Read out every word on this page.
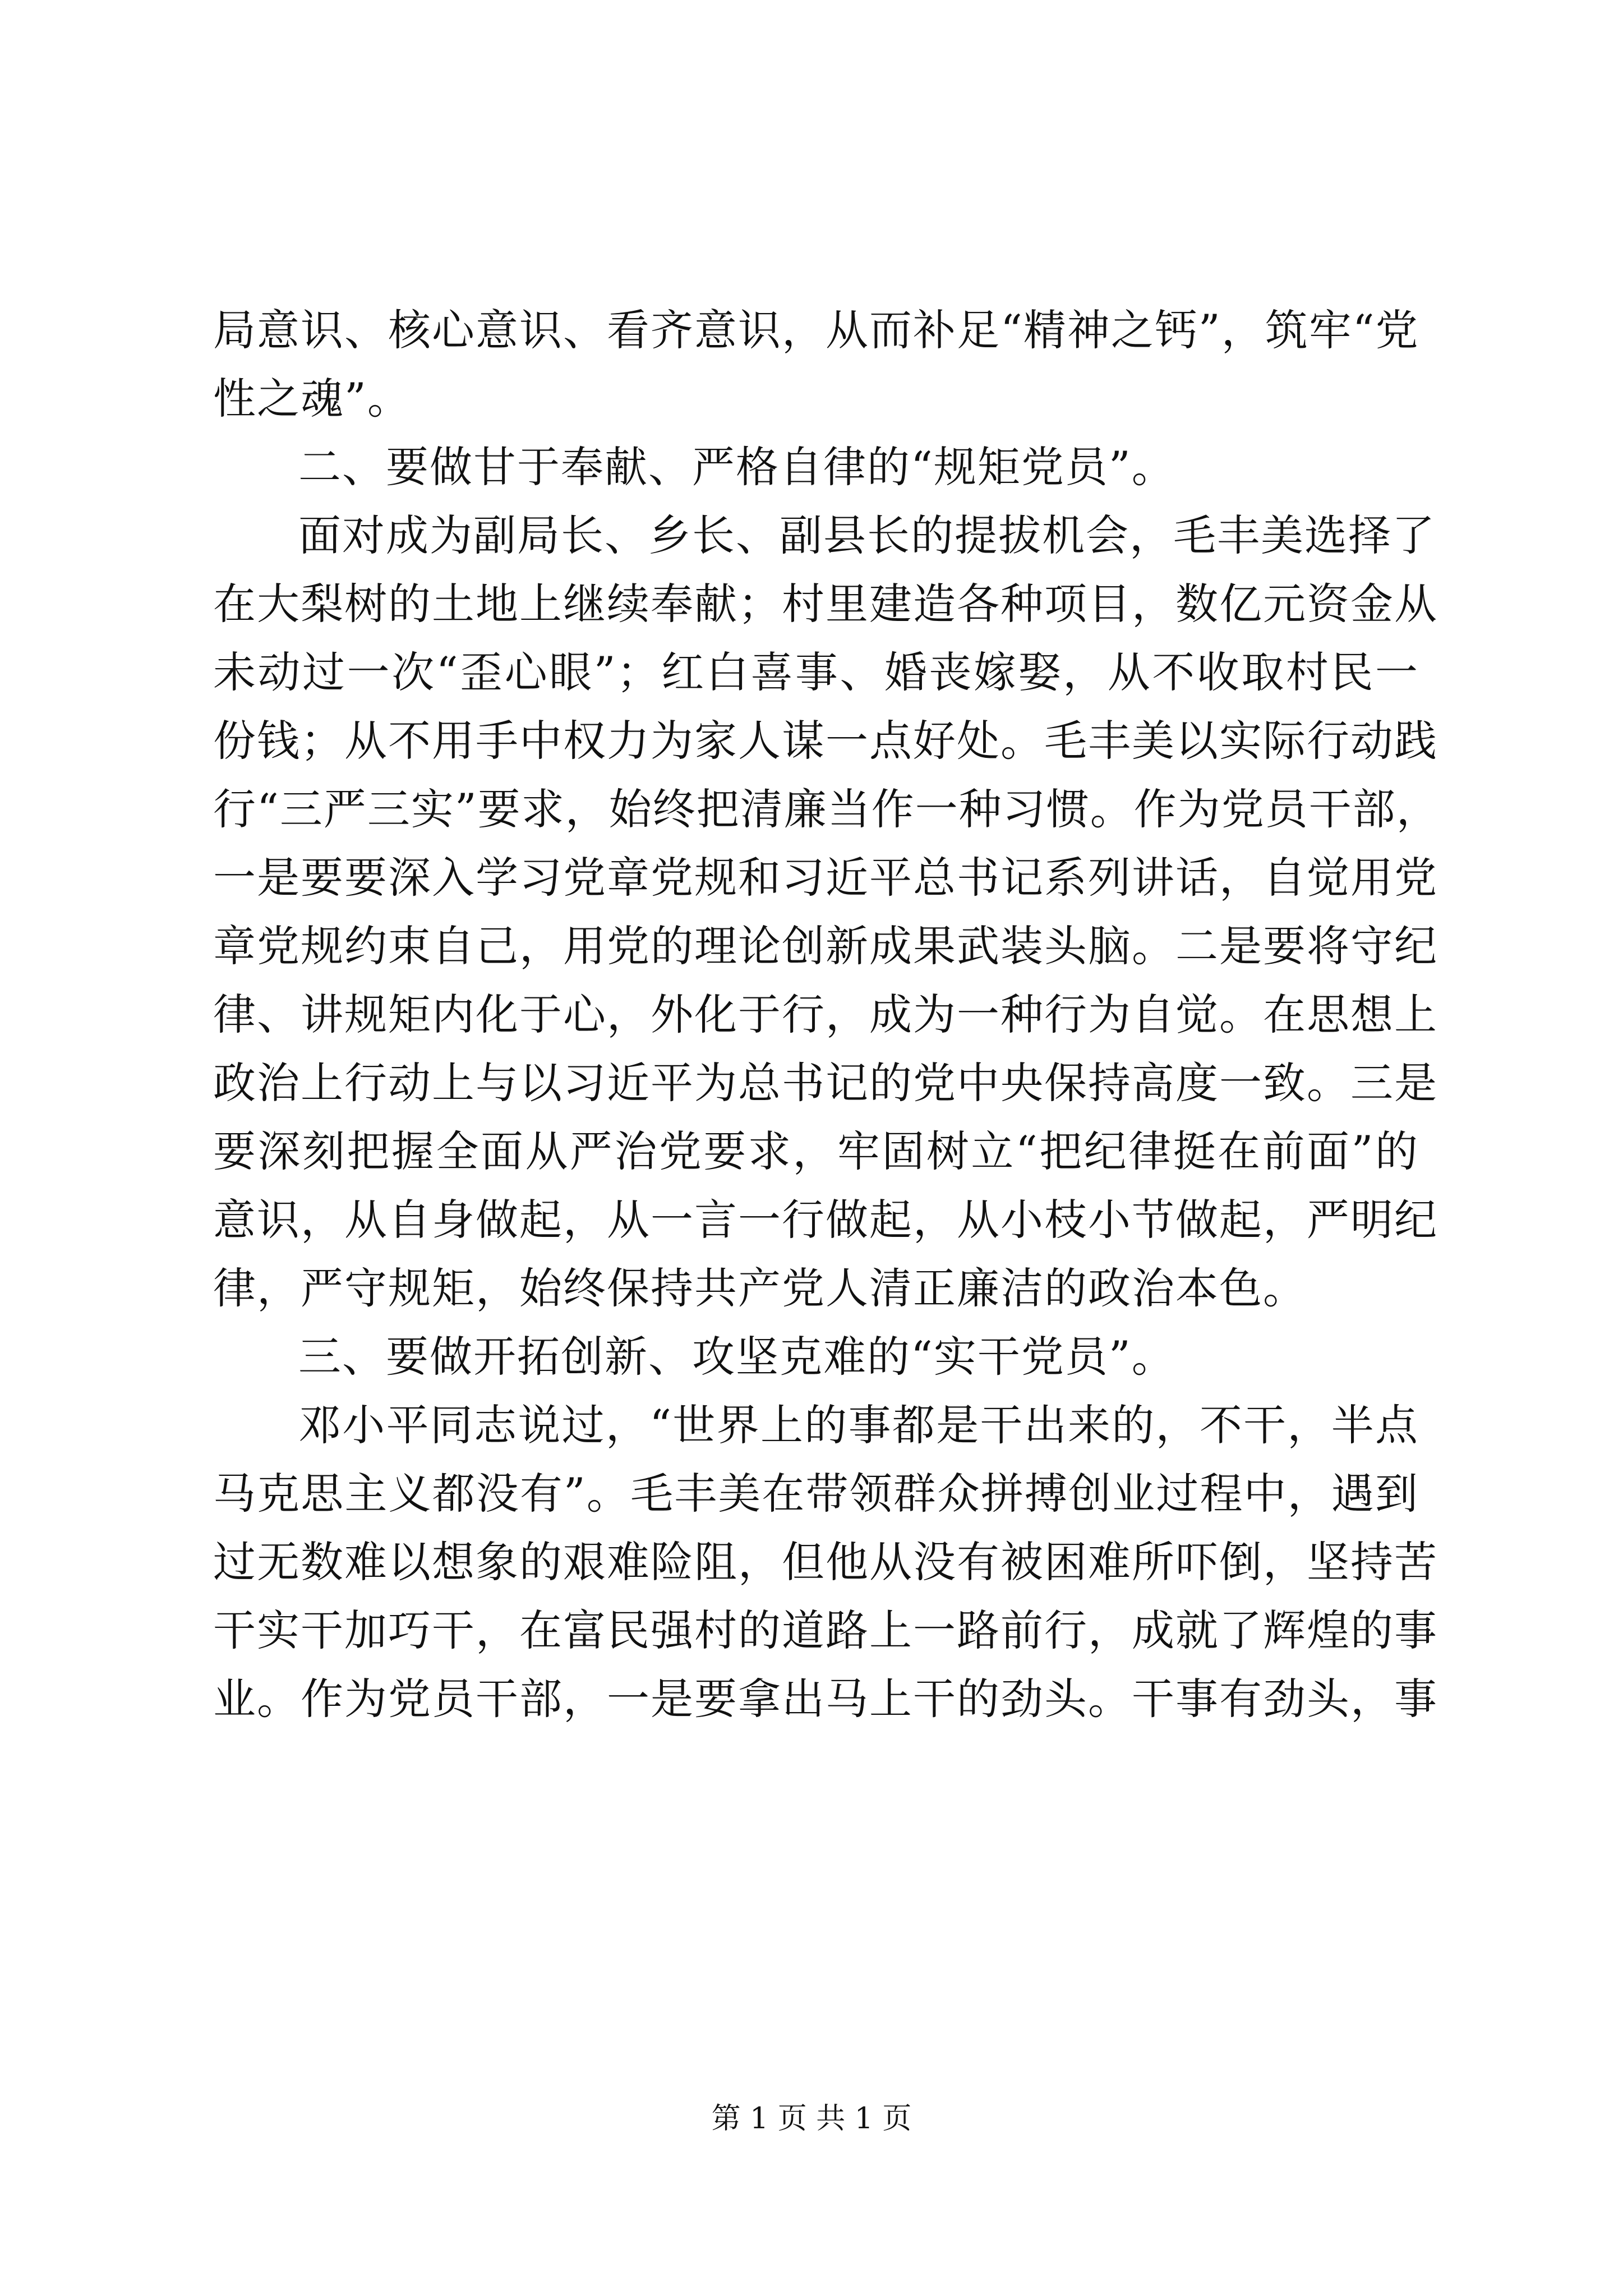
局意识、核心意识、看齐意识，从而补足“精神之钙”，筑牢“党
性之魂”。
二、要做甘于奉献、严格自律的“规矩党员”。
面对成为副局长、乡长、副县长的提拔机会，毛丰美选择了
在大梨树的土地上继续奉献；村里建造各种项目，数亿元资金从
未动过一次“歪心眼”；红白喜事、婚丧嫁娶，从不收取村民一
份钱；从不用手中权力为家人谋一点好处。毛丰美以实际行动践
行“三严三实”要求，始终把清廉当作一种习惯。作为党员干部，
一是要要深入学习党章党规和习近平总书记系列讲话，自觉用党
章党规约束自己，用党的理论创新成果武装头脑。二是要将守纪
律、讲规矩内化于心，外化于行，成为一种行为自觉。在思想上
政治上行动上与以习近平为总书记的党中央保持高度一致。三是
要深刻把握全面从严治党要求，牢固树立“把纪律挺在前面”的
意识，从自身做起，从一言一行做起，从小枝小节做起，严明纪
律，严守规矩，始终保持共产党人清正廉洁的政治本色。
三、要做开拓创新、攻坚克难的“实干党员”。
邓小平同志说过，“世界上的事都是干出来的，不干，半点
马克思主义都没有”。毛丰美在带领群众拼搏创业过程中，遇到
过无数难以想象的艰难险阻，但他从没有被困难所吓倒，坚持苦
干实干加巧干，在富民强村的道路上一路前行，成就了辉煌的事
业。作为党员干部，一是要拿出马上干的劲头。干事有劲头，事
第 1 页 共 1 页
